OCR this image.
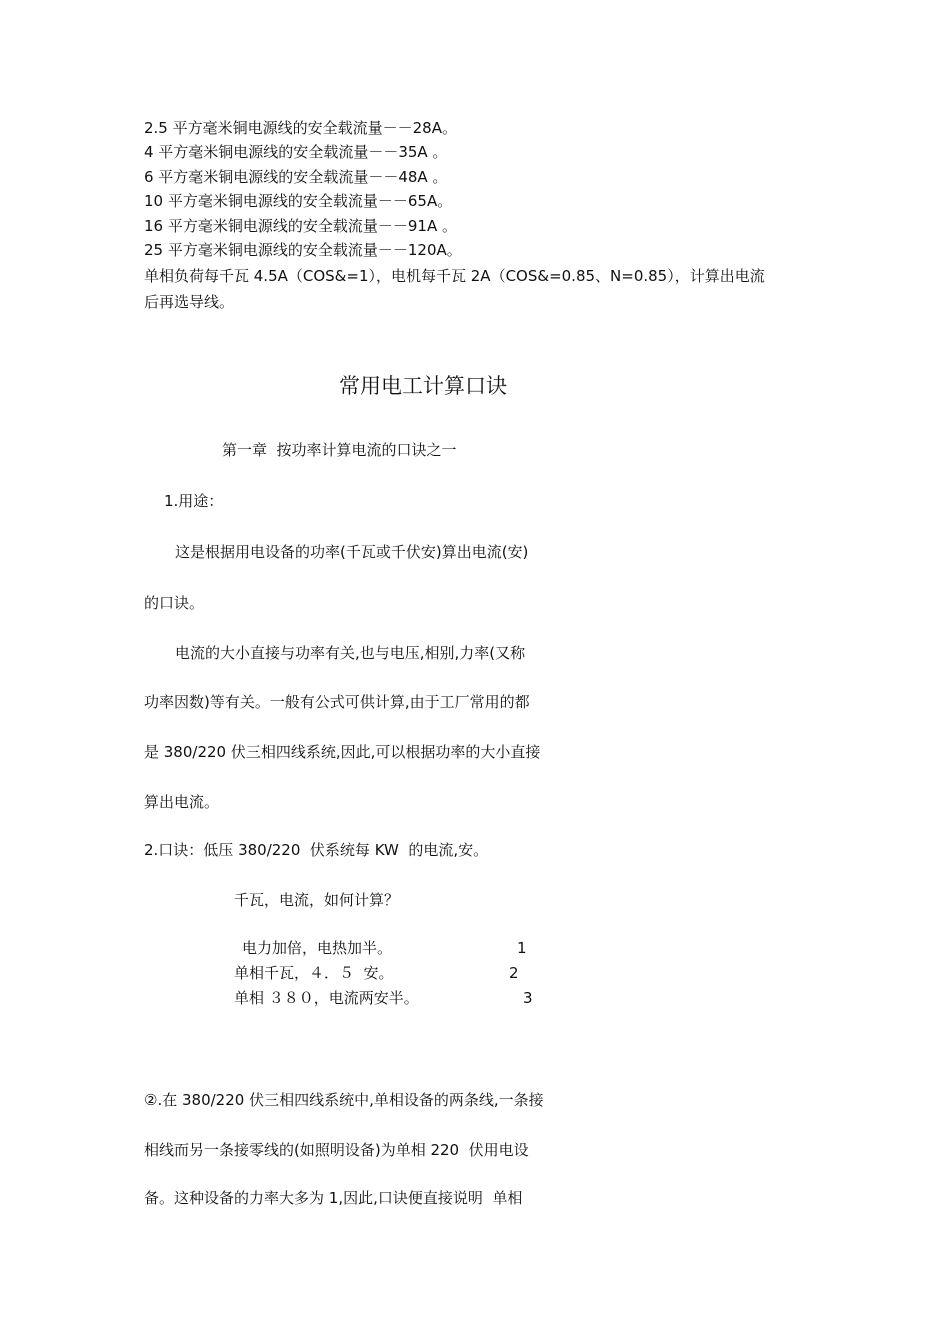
2.5 平方毫米铜电源线的安全载流量－－28A。
4 平方毫米铜电源线的安全载流量－－35A 。
6 平方毫米铜电源线的安全载流量－－48A 。
10 平方毫米铜电源线的安全载流量－－65A。
16 平方毫米铜电源线的安全载流量－－91A 。
25 平方毫米铜电源线的安全载流量－－120A。
单相负荷每千瓦 4.5A（COS&=1），电机每千瓦 2A（COS&=0.85、N=0.85），计算出电流
后再选导线。
常用电工计算口诀
第一章  按功率计算电流的口诀之一
1.用途：
这是根据用电设备的功率(千瓦或千伏安)算出电流(安)
的口诀。
电流的大小直接与功率有关,也与电压,相别,力率(又称
功率因数)等有关。一般有公式可供计算,由于工厂常用的都
是 380/220 伏三相四线系统,因此,可以根据功率的大小直接
算出电流。
2.口诀：低压 380/220  伏系统每 KW  的电流,安。
千瓦，电流，如何计算？
电力加倍，电热加半。	1
单相千瓦，４．５  安。	2
单相 ３８０，电流两安半。	3
②.在 380/220 伏三相四线系统中,单相设备的两条线,一条接
相线而另一条接零线的(如照明设备)为单相 220  伏用电设
备。这种设备的力率大多为 1,因此,口诀便直接说明  单相
